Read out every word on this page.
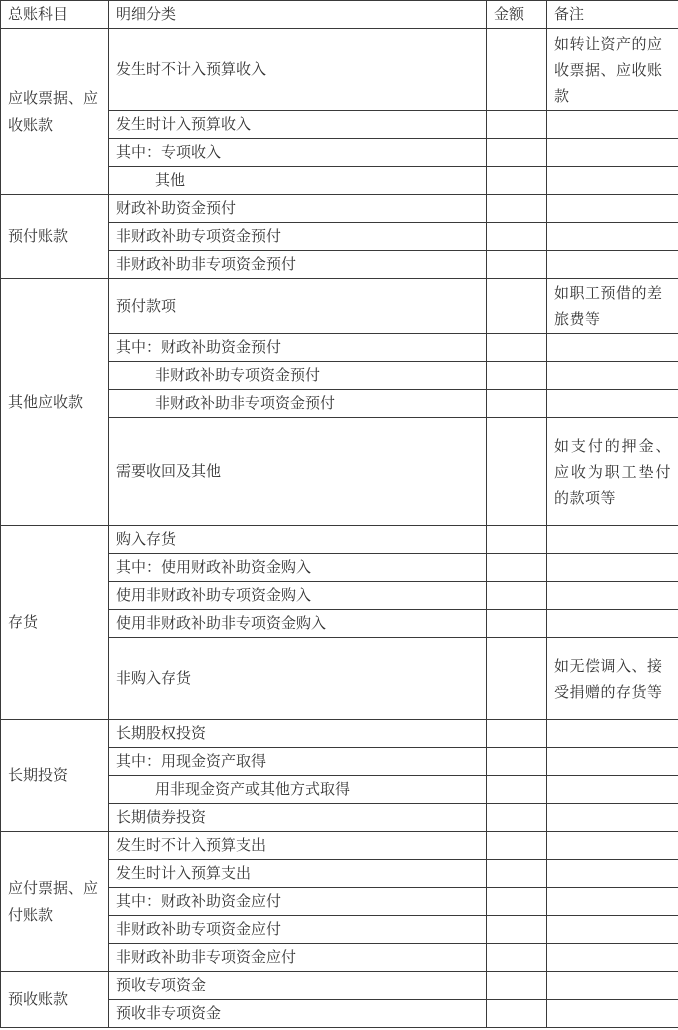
总账科目	明细分类	金额	备注
应收票据、应收账款	发生时不计入预算收入		如转让资产的应收票据、应收账款
	发生时计入预算收入		
	其中：专项收入		
	其他		
预付账款	财政补助资金预付		
	非财政补助专项资金预付		
	非财政补助非专项资金预付		
其他应收款	预付款项		如职工预借的差旅费等
	其中：财政补助资金预付		
	非财政补助专项资金预付		
	非财政补助非专项资金预付		
	需要收回及其他		如支付的押金、应收为职工垫付的款项等
存货	购入存货		
	其中：使用财政补助资金购入		
	使用非财政补助专项资金购入		
	使用非财政补助非专项资金购入		
	非购入存货		如无偿调入、接受捐赠的存货等
长期投资	长期股权投资		
	其中：用现金资产取得		
	用非现金资产或其他方式取得		
	长期债券投资		
应付票据、应付账款	发生时不计入预算支出		
	发生时计入预算支出		
	其中：财政补助资金应付		
	非财政补助专项资金应付		
	非财政补助非专项资金应付		
预收账款	预收专项资金		
	预收非专项资金		
